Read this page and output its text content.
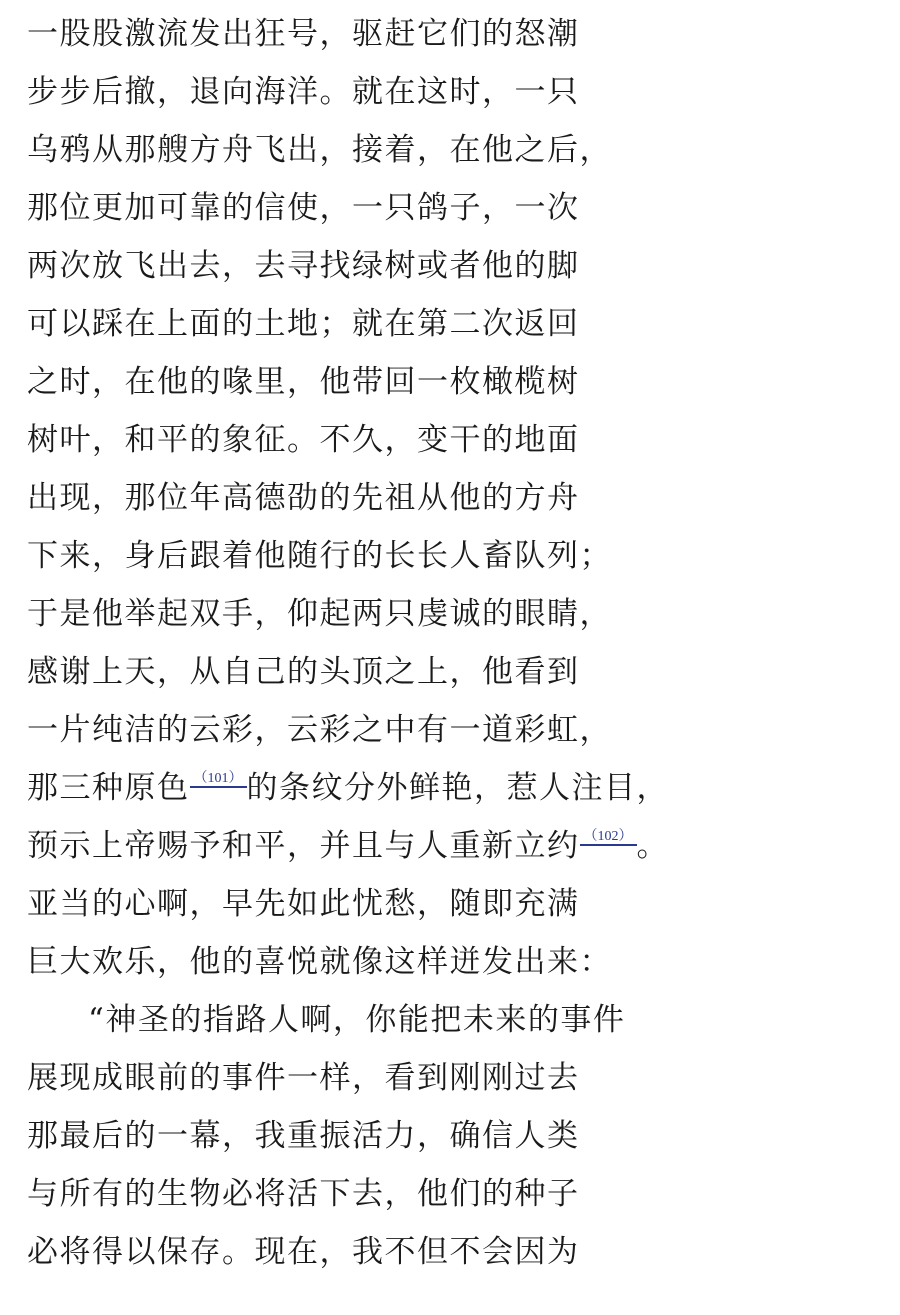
一股股激流发出狂号，驱赶它们的怒潮
步步后撤，退向海洋。就在这时，一只
乌鸦从那艘方舟飞出，接着，在他之后，
那位更加可靠的信使，一只鸽子，一次
两次放飞出去，去寻找绿树或者他的脚
可以踩在上面的土地；就在第二次返回
之时，在他的喙里，他带回一枚橄榄树
树叶，和平的象征。不久，变干的地面
出现，那位年高德劭的先祖从他的方舟
下来，身后跟着他随行的长长人畜队列；
于是他举起双手，仰起两只虔诚的眼睛，
感谢上天，从自己的头顶之上，他看到
一片纯洁的云彩，云彩之中有一道彩虹，
那三种原色 （101） 的条纹分外鲜艳，惹人注目，
预示上帝赐予和平，并且与人重新立约 （102） 。
亚当的心啊，早先如此忧愁，随即充满
巨大欢乐，他的喜悦就像这样迸发出来：
“神圣的指路人啊，你能把未来的事件
展现成眼前的事件一样，看到刚刚过去
那最后的一幕，我重振活力，确信人类
与所有的生物必将活下去，他们的种子
必将得以保存。现在，我不但不会因为
